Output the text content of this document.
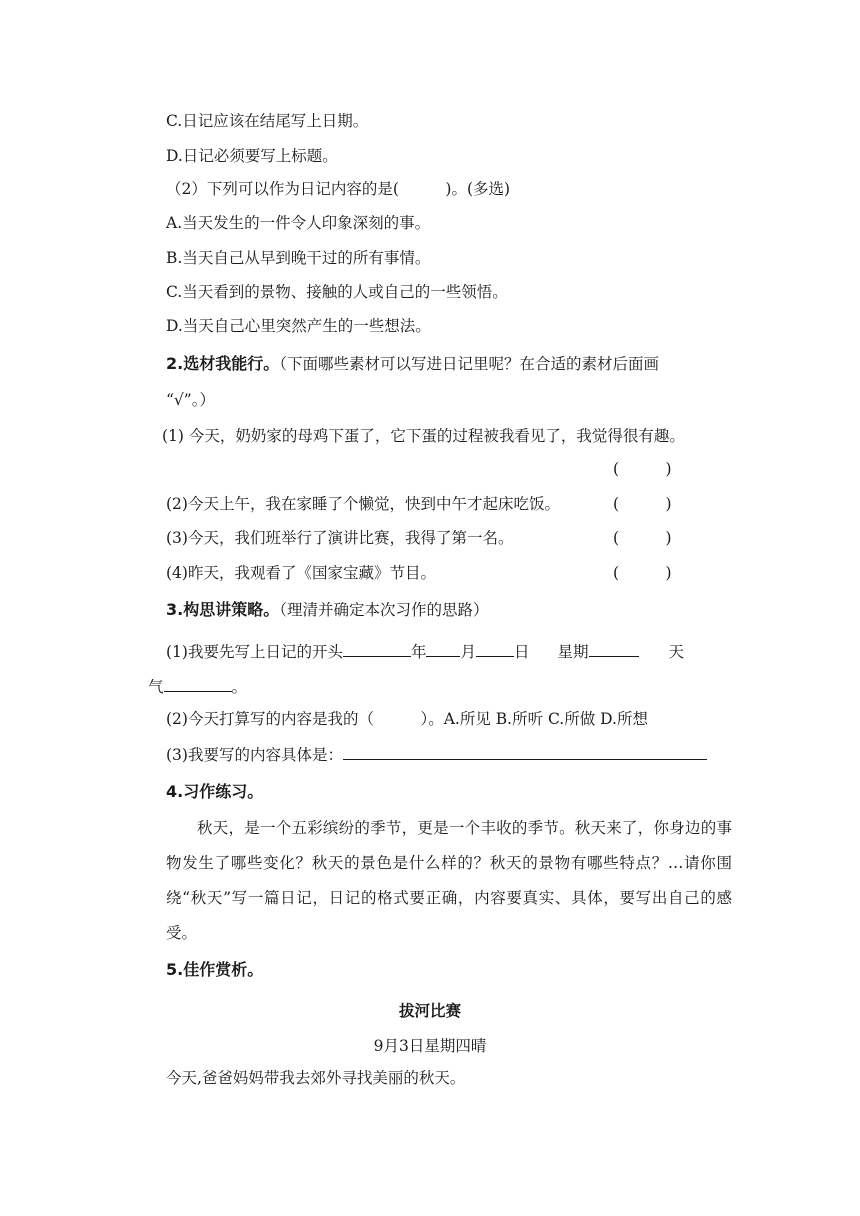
C.日记应该在结尾写上日期。
D.日记必须要写上标题。
（2）下列可以作为日记内容的是(　　　)。(多选)
A.当天发生的一件令人印象深刻的事。
B.当天自己从早到晚干过的所有事情。
C.当天看到的景物、接触的人或自己的一些领悟。
D.当天自己心里突然产生的一些想法。
2.选材我能行。（下面哪些素材可以写进日记里呢？在合适的素材后面画
“√”。）
(1) 今天，奶奶家的母鸡下蛋了，它下蛋的过程被我看见了，我觉得很有趣。
(　　　)
(2)今天上午，我在家睡了个懒觉，快到中午才起床吃饭。	(　　　)
(3)今天，我们班举行了演讲比赛，我得了第一名。	(　　　)
(4)昨天，我观看了《国家宝藏》节目。	(　　　)
3.构思讲策略。（理清并确定本次习作的思路）
(1)我要先写上日记的开头	年 月 日 星期	天
气	。
(2)今天打算写的内容是我的（　　　）。A.所见 B.所听 C.所做 D.所想
(3)我要写的内容具体是：
4.习作练习。
秋天，是一个五彩缤纷的季节，更是一个丰收的季节。秋天来了，你身边的事物发生了哪些变化？秋天的景色是什么样的？秋天的景物有哪些特点？…请你围绕“秋天”写一篇日记，日记的格式要正确，内容要真实、具体，要写出自己的感受。
5.佳作赏析。
拔河比赛
9月3日星期四晴
今天,爸爸妈妈带我去郊外寻找美丽的秋天。
